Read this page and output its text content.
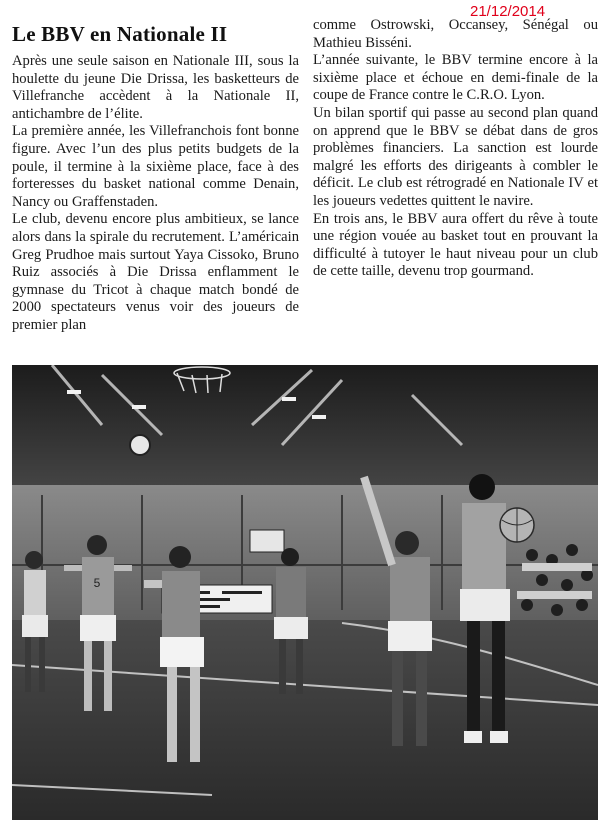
21/12/2014
Le BBV en Nationale II

Après une seule saison en Nationale III, sous la houlette du jeune Die Drissa, les basketteurs de Villefranche accèdent à la Nationale II, antichambre de l’élite.

La première année, les Villefranchois font bonne figure. Avec l’un des plus petits budgets de la poule, il termine à la sixième place, face à des forteresses du basket national comme Denain, Nancy ou Graffenstaden.

Le club, devenu encore plus ambitieux, se lance alors dans la spirale du recrutement. L’américain Greg Prudhoe mais surtout Yaya Cissoko, Bruno Ruiz associés à Die Drissa enflamment le gymnase du Tricot à chaque match bondé de 2000 spectateurs venus voir des joueurs de premier plan

comme Ostrowski, Occansey, Sénégal ou Mathieu Bisséni.

L’année suivante, le BBV termine encore à la sixième place et échoue en demi-finale de la coupe de France contre le C.R.O. Lyon.

Un bilan sportif qui passe au second plan quand on apprend que le BBV se débat dans de gros problèmes financiers. La sanction est lourde malgré les efforts des dirigeants à combler le déficit. Le club est rétrogradé en Nationale IV et les joueurs vedettes quittent le navire.

En trois ans, le BBV aura offert du rêve à toute une région vouée au basket tout en prouvant la difficulté à tutoyer le haut niveau pour un club de cette taille, devenu trop gourmand.

5
